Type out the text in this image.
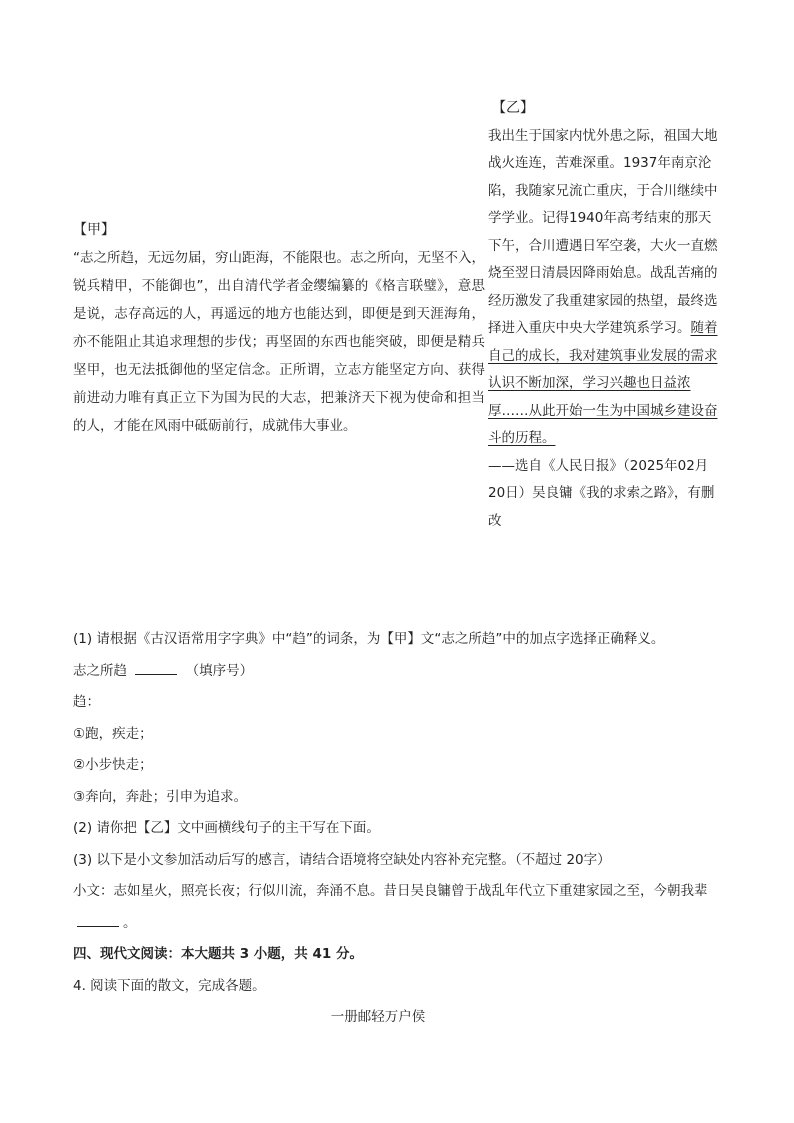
【甲】
“志之所趋，无远勿届，穷山距海，不能限也。志之所向，无坚不入，锐兵精甲，不能御也”，出自清代学者金缨编纂的《格言联璧》，意思是说，志存高远的人，再遥远的地方也能达到，即便是到天涯海角，亦不能阻止其追求理想的步伐；再坚固的东西也能突破，即便是精兵坚甲，也无法抵御他的坚定信念。正所谓，立志方能坚定方向、获得前进动力唯有真正立下为国为民的大志，把兼济天下视为使命和担当的人，才能在风雨中砥砺前行，成就伟大事业。
【乙】
我出生于国家内忧外患之际，祖国大地战火连连，苦难深重。1937年南京沦陷，我随家兄流亡重庆，于合川继续中学学业。记得1940年高考结束的那天下午，合川遭遇日军空袭，大火一直燃烧至翌日清晨因降雨始息。战乱苦痛的经历激发了我重建家园的热望，最终选择进入重庆中央大学建筑系学习。随着自己的成长，我对建筑事业发展的需求认识不断加深，学习兴趣也日益浓厚……从此开始一生为中国城乡建设奋斗的历程。
——选自《人民日报》（2025年02月20日）吴良镛《我的求索之路》，有删改

(1) 请根据《古汉语常用字字典》中“趋”的词条，为【甲】文“志之所趋”中的加点字选择正确释义。

志之所趋	（填序号）

趋：

①跑，疾走；

②小步快走；

③奔向，奔赴；引申为追求。

(2) 请你把【乙】文中画横线句子的主干写在下面。

(3) 以下是小文参加活动后写的感言，请结合语境将空缺处内容补充完整。（不超过 20字）

小文：志如星火，照亮长夜；行似川流，奔涌不息。昔日吴良镛曾于战乱年代立下重建家园之至，今朝我辈。

四、现代文阅读：本大题共 3 小题，共 41 分。

4. 阅读下面的散文，完成各题。

一册邮轻万户侯
